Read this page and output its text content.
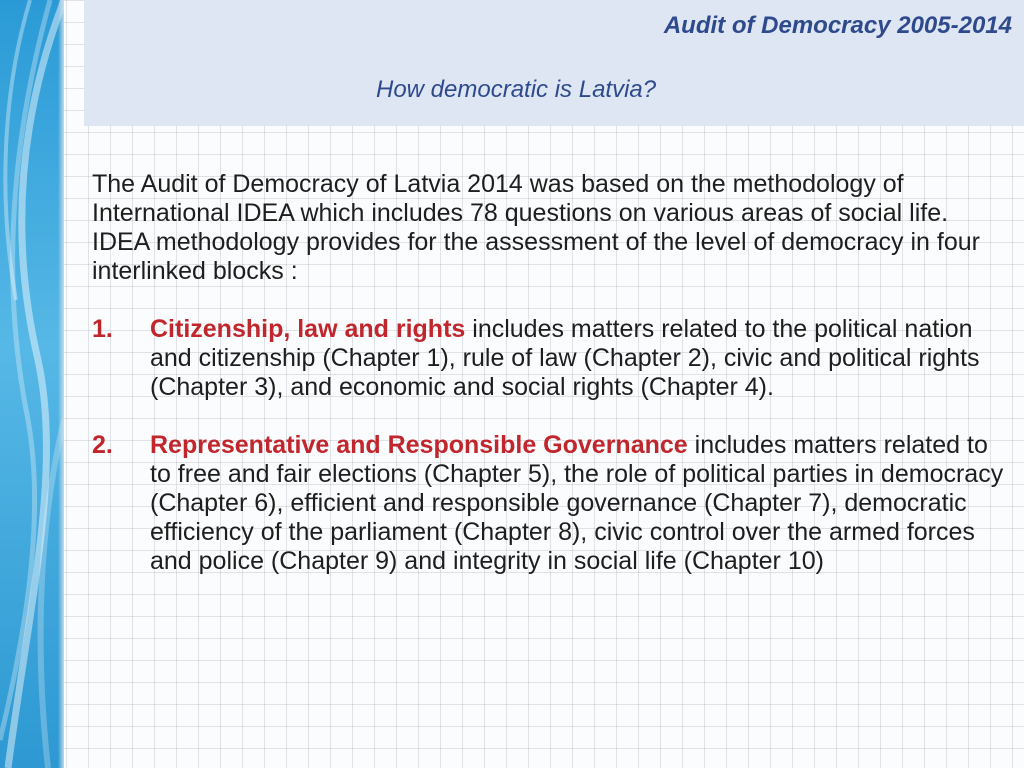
Audit of Democracy 2005-2014
How democratic is Latvia?

The Audit of Democracy of Latvia 2014 was based on the methodology of International IDEA which includes 78 questions on various areas of social life. IDEA methodology provides for the assessment of the level of democracy in four interlinked blocks :

1. Citizenship, law and rights includes matters related to the political nation and citizenship (Chapter 1), rule of law (Chapter 2), civic and political rights (Chapter 3), and economic and social rights (Chapter 4).
2. Representative and Responsible Governance includes matters related to to free and fair elections (Chapter 5), the role of political parties in democracy (Chapter 6), efficient and responsible governance (Chapter 7), democratic efficiency of the parliament (Chapter 8), civic control over the armed forces and police (Chapter 9) and integrity in social life (Chapter 10)
